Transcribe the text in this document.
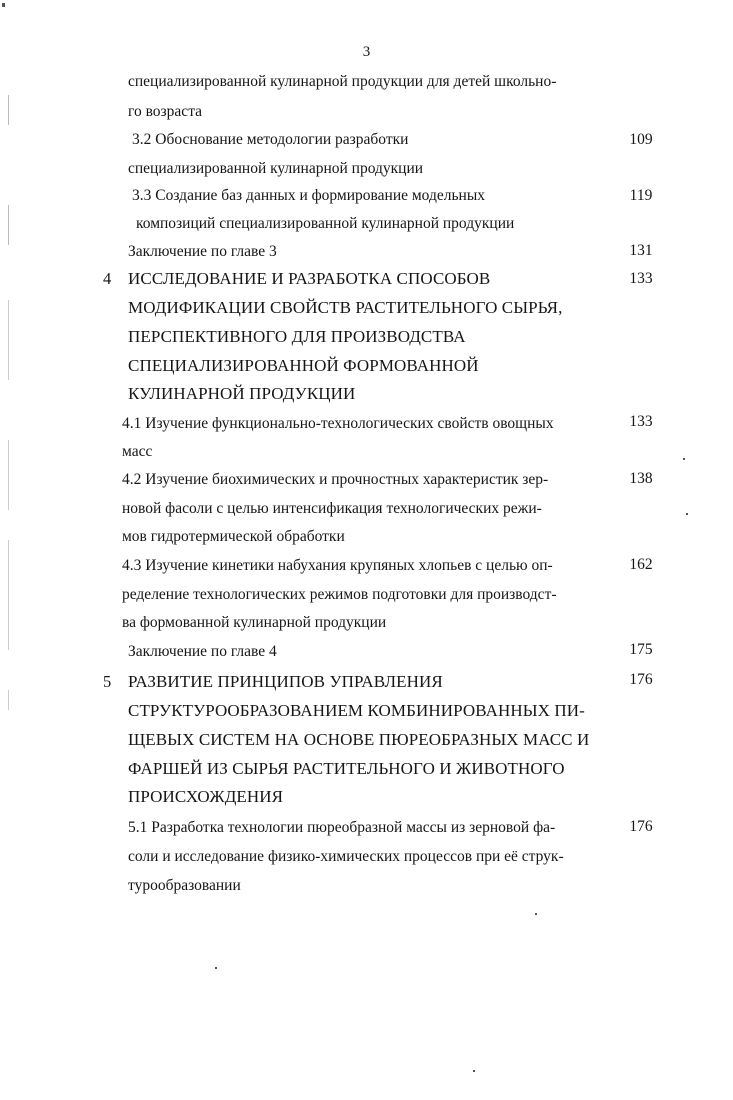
3
специализированной кулинарной продукции для детей школьно-
го возраста
3.2 Обоснование методологии разработки
специализированной кулинарной продукции
109
3.3 Создание баз данных и формирование модельных
композиций специализированной кулинарной продукции
119
Заключение по главе 3	131
4 ИССЛЕДОВАНИЕ И РАЗРАБОТКА СПОСОБОВ
МОДИФИКАЦИИ СВОЙСТВ РАСТИТЕЛЬНОГО СЫРЬЯ,
ПЕРСПЕКТИВНОГО ДЛЯ ПРОИЗВОДСТВА
СПЕЦИАЛИЗИРОВАННОЙ ФОРМОВАННОЙ
КУЛИНАРНОЙ ПРОДУКЦИИ
133
4.1 Изучение функционально-технологических свойств овощных
масс
133
4.2 Изучение биохимических и прочностных характеристик зер-
новой фасоли с целью интенсификация технологических режи-
мов гидротермической обработки
138
4.3 Изучение кинетики набухания крупяных хлопьев с целью оп-
ределение технологических режимов подготовки для производст-
ва формованной кулинарной продукции
162
Заключение по главе 4	175
5 РАЗВИТИЕ ПРИНЦИПОВ УПРАВЛЕНИЯ
СТРУКТУРООБРАЗОВАНИЕМ КОМБИНИРОВАННЫХ ПИ-
ЩЕВЫХ СИСТЕМ НА ОСНОВЕ ПЮРЕОБРАЗНЫХ МАСС И
ФАРШЕЙ ИЗ СЫРЬЯ РАСТИТЕЛЬНОГО И ЖИВОТНОГО
ПРОИСХОЖДЕНИЯ
176
5.1 Разработка технологии пюреобразной массы из зерновой фа-
соли и исследование физико-химических процессов при её струк-
турообразовании
176
